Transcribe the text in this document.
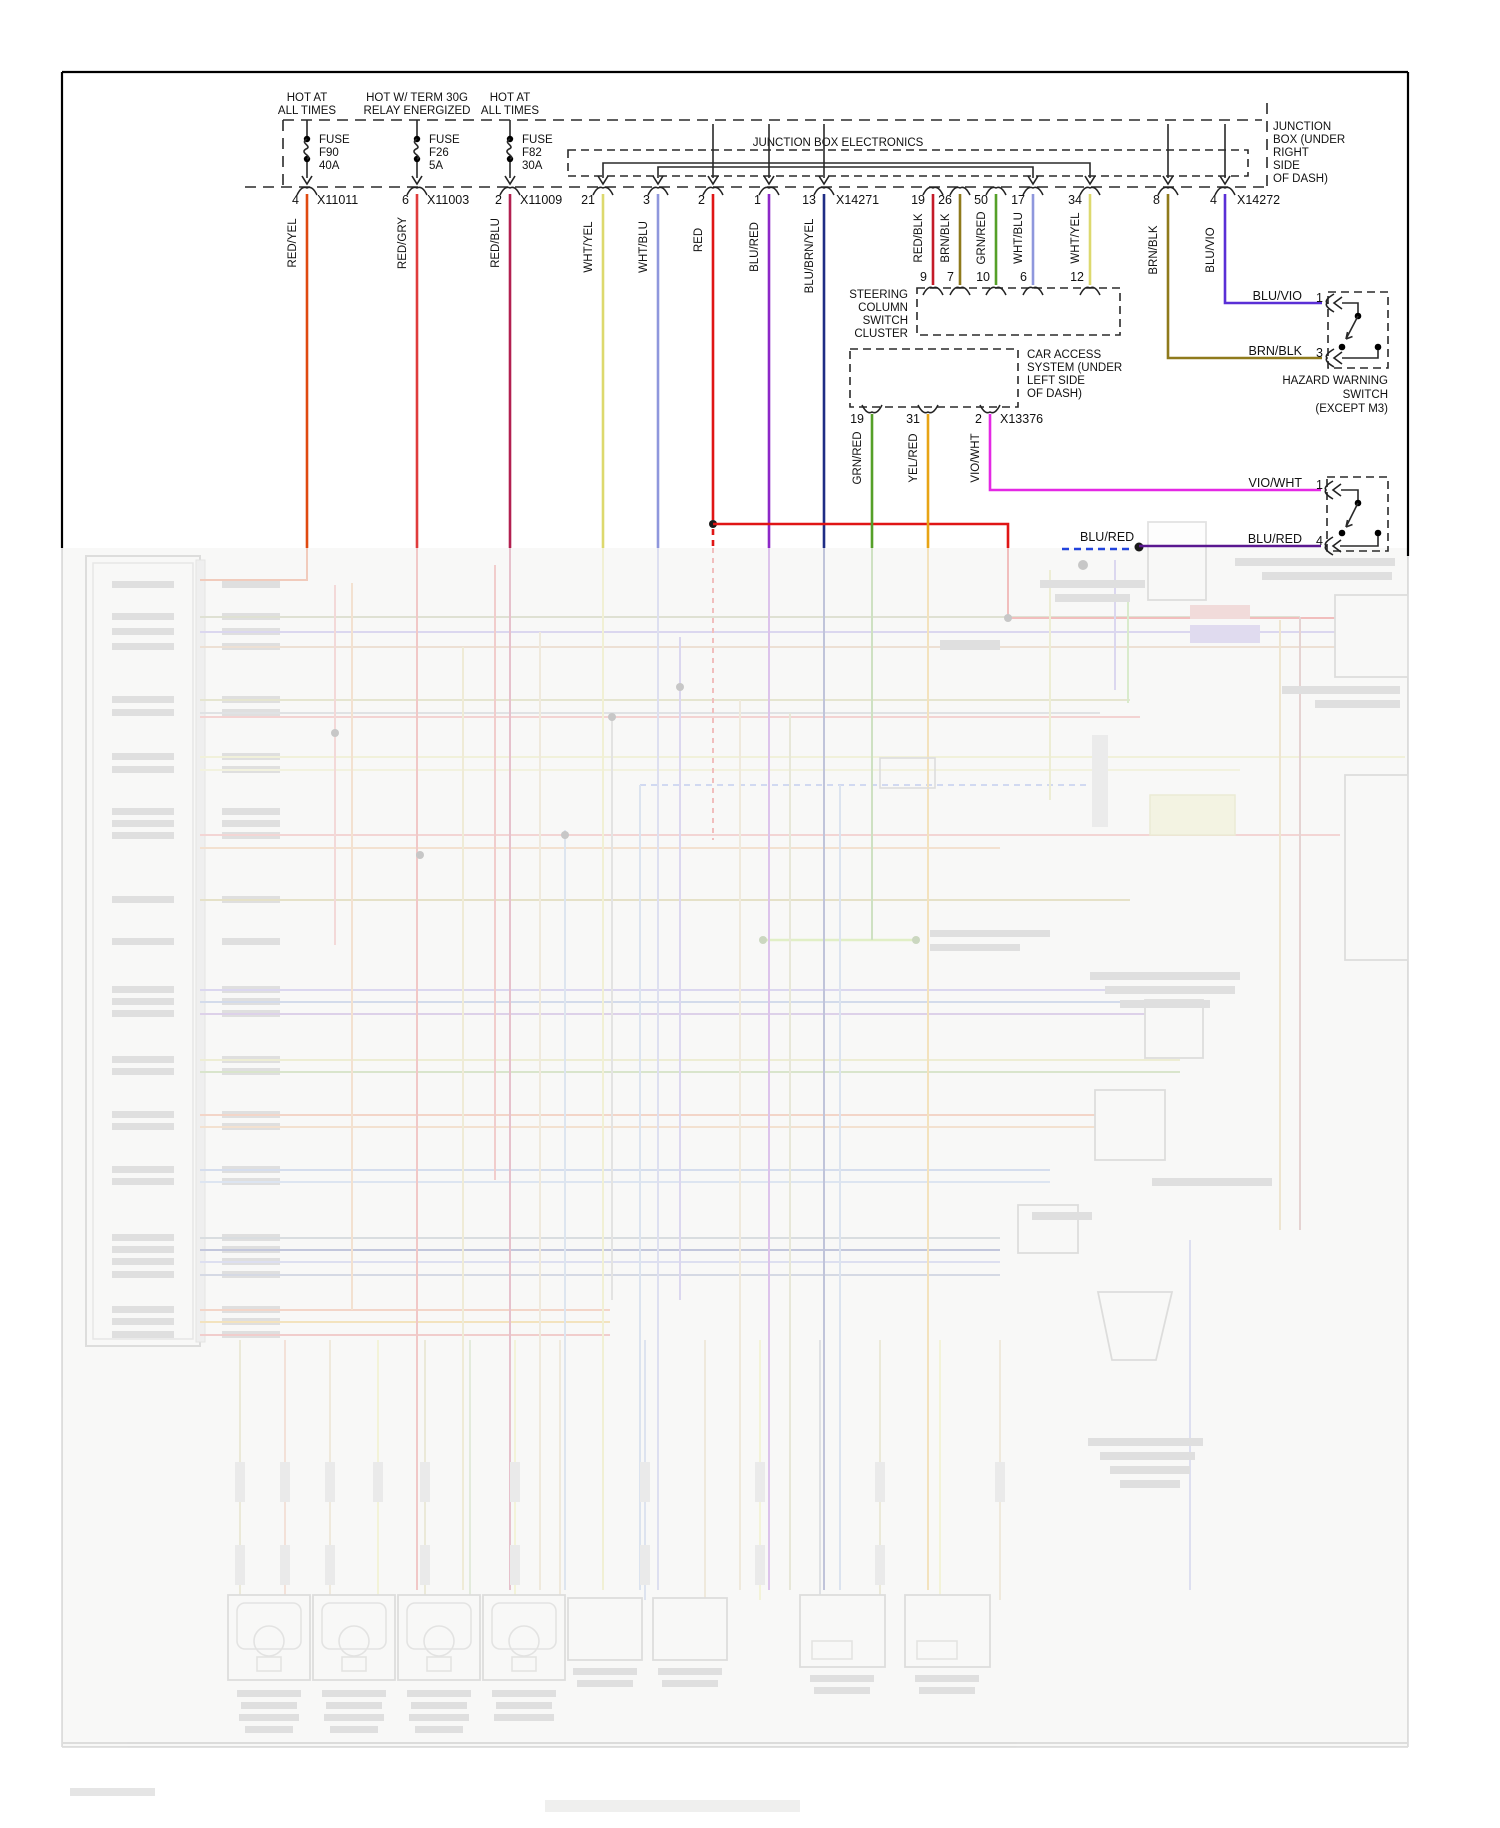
JUNCTION BOX ELECTRONICS
JUNCTION
BOX (UNDER
RIGHT
SIDE
OF DASH)
HOT AT
ALL TIMES
FUSE
F90
40A
HOT W/ TERM 30G
RELAY ENERGIZED
FUSE
F26
5A
HOT AT
ALL TIMES
FUSE
F82
30A
4 X11011	6 X11003 2 X11009 21	3	2	1	13 X14271	19 26 50 17	34	8	4 X14272
RED/YEL	RED/GRY	RED/BLU	WHT/YEL	WHT/BLU	RED	BLU/RED	BLU/BRN/YEL	RED/BLK BRN/BLK GRN/RED WHT/BLU	WHT/YEL	BRN/BLK	BLU/VIO
9 7 10 6	12
STEERING
COLUMN
SWITCH
CLUSTER
CAR ACCESS
SYSTEM (UNDER
LEFT SIDE
OF DASH)
19	31	2 X13376
GRN/RED	YEL/RED	VIO/WHT
BLU/VIO 1
BRN/BLK 3
HAZARD WARNING
SWITCH
(EXCEPT M3)
VIO/WHT 1
BLU/RED 4
BLU/RED
